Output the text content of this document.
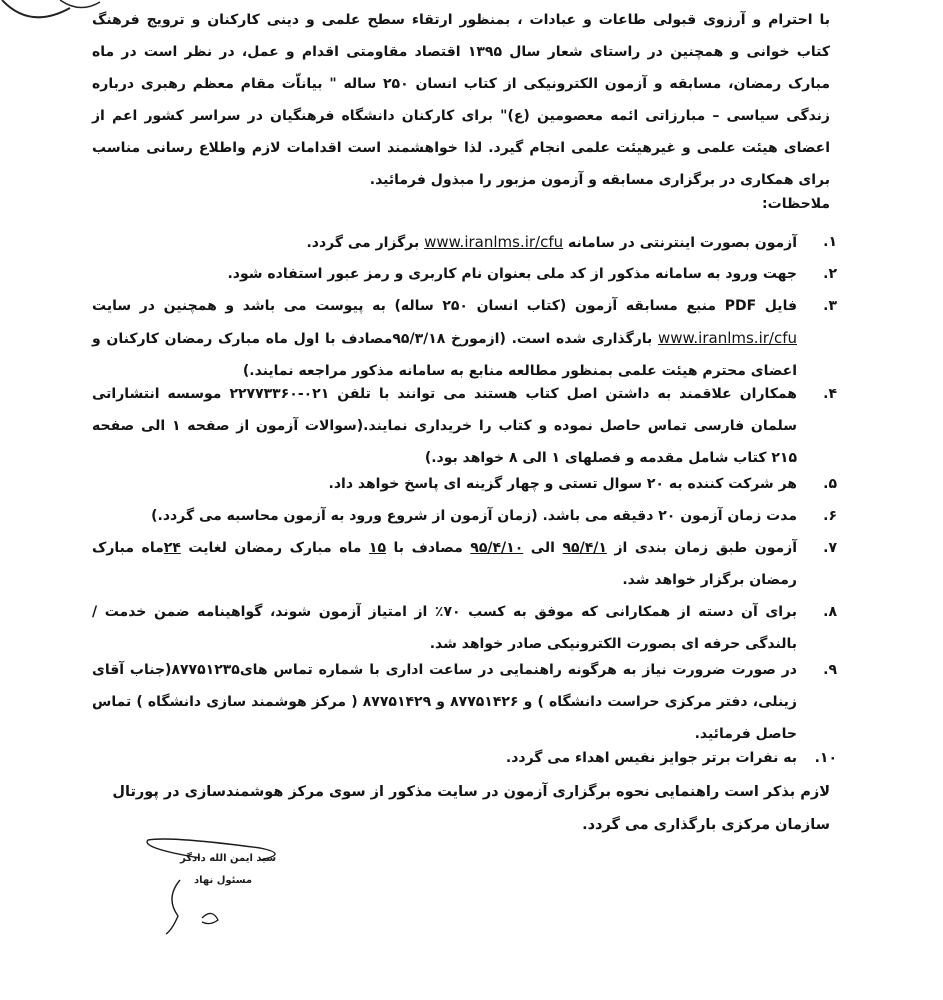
با احترام و آرزوی قبولی طاعات و عبادات ، بمنظور ارتقاء سطح علمی و دینی کارکنان و ترویج فرهنگ کتاب خوانی و همچنین در راستای شعار سال ۱۳۹۵ اقتصاد مقاومتی اقدام و عمل، در نظر است در ماه مبارک رمضان، مسابقه و آزمون الکترونیکی از کتاب انسان ۲۵۰ ساله " بیاناّت مقام معظم رهبری درباره زندگی سیاسی – مبارزاتی ائمه معصومین (ع)" برای کارکنان دانشگاه فرهنگیان در سراسر کشور اعم از اعضای هیئت علمی و غیرهیئت علمی انجام گیرد. لذا خواهشمند است اقدامات لازم واطلاع رسانی مناسب برای همکاری در برگزاری مسابقه و آزمون مزبور را مبذول فرمائید.

ملاحظات:
۱.
آزمون بصورت اینترنتی در سامانه www.iranlms.ir/cfu برگزار می گردد.
۲.
جهت ورود به سامانه مذکور از کد ملی بعنوان نام کاربری و رمز عبور استفاده شود.
۳.
فایل PDF منبع مسابقه آزمون (کتاب انسان ۲۵۰ ساله) به پیوست می باشد و همچنین در سایت www.iranlms.ir/cfu بارگذاری شده است. (ازمورخ ۹۵/۳/۱۸مصادف با اول ماه مبارک رمضان کارکنان و اعضای محترم هیئت علمی بمنظور مطالعه منابع به سامانه مذکور مراجعه نمایند.)
۴.
همکاران علاقمند به داشتن اصل کتاب هستند می توانند با تلفن ۰۲۱-۲۲۷۷۳۳۶۰ موسسه انتشاراتی سلمان فارسی تماس حاصل نموده و کتاب را خریداری نمایند.(سوالات آزمون از صفحه ۱ الی صفحه ۲۱۵ کتاب شامل مقدمه و فصلهای ۱ الی ۸ خواهد بود.)
۵.
هر شرکت کننده به ۲۰ سوال تستی و چهار گزینه ای پاسخ خواهد داد.
۶.
مدت زمان آزمون ۲۰ دقیقه می باشد. (زمان آزمون از شروع ورود به آزمون محاسبه می گردد.)
۷.
آزمون طبق زمان بندی از ۹۵/۴/۱ الی ۹۵/۴/۱۰ مصادف با ۱۵ ماه مبارک رمضان لغایت ۲۴ماه مبارک رمضان برگزار خواهد شد.
۸.
برای آن دسته از همکارانی که موفق به کسب ۷۰٪ از امتیاز آزمون شوند، گواهینامه ضمن خدمت / بالندگی حرفه ای بصورت الکترونیکی صادر خواهد شد.
۹.
در صورت ضرورت نیاز به هرگونه راهنمایی در ساعت اداری با شماره تماس های۸۷۷۵۱۲۳۵(جناب آقای زینلی، دفتر مرکزی حراست دانشگاه ) و ۸۷۷۵۱۴۲۶ و ۸۷۷۵۱۴۲۹ ( مرکز هوشمند سازی دانشگاه ) تماس حاصل فرمائید.
۱۰.
به نفرات برتر جوایز نفیس اهداء می گردد.
لازم بذکر است راهنمایی نحوه برگزاری آزمون در سایت مذکور از سوی مرکز هوشمندسازی در پورتال سازمان مرکزی بارگذاری می گردد.
سید ایمن الله دادگر
مسئول نهاد
